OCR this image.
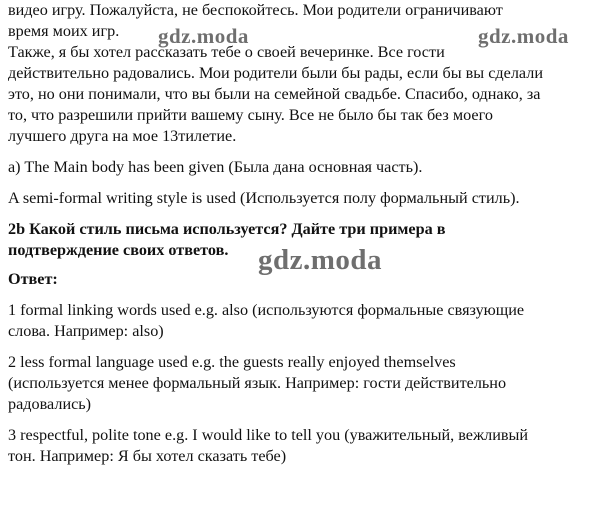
видео игру. Пожалуйста, не беспокойтесь. Мои родители ограничивают
время моих игр.
Также, я бы хотел рассказать тебе о своей вечеринке. Все гости
действительно радовались. Мои родители были бы рады, если бы вы сделали
это, но они понимали, что вы были на семейной свадьбе. Спасибо, однако, за
то, что разрешили прийти вашему сыну. Все не было бы так без моего
лучшего друга на мое 13тилетие.
a) The Main body has been given (Была дана основная часть).
A semi-formal writing style is used (Используется полу формальный стиль).
2b Какой стиль письма используется? Дайте три примера в
подтверждение своих ответов.
Ответ:
1 formal linking words used e.g. also (используются формальные связующие
слова. Например: also)
2 less formal language used e.g. the guests really enjoyed themselves
(используется менее формальный язык. Например: гости действительно
радовались)
3 respectful, polite tone e.g. I would like to tell you (уважительный, вежливый
тон. Например: Я бы хотел сказать тебе)
gdz.moda	gdz.moda
gdz.moda
